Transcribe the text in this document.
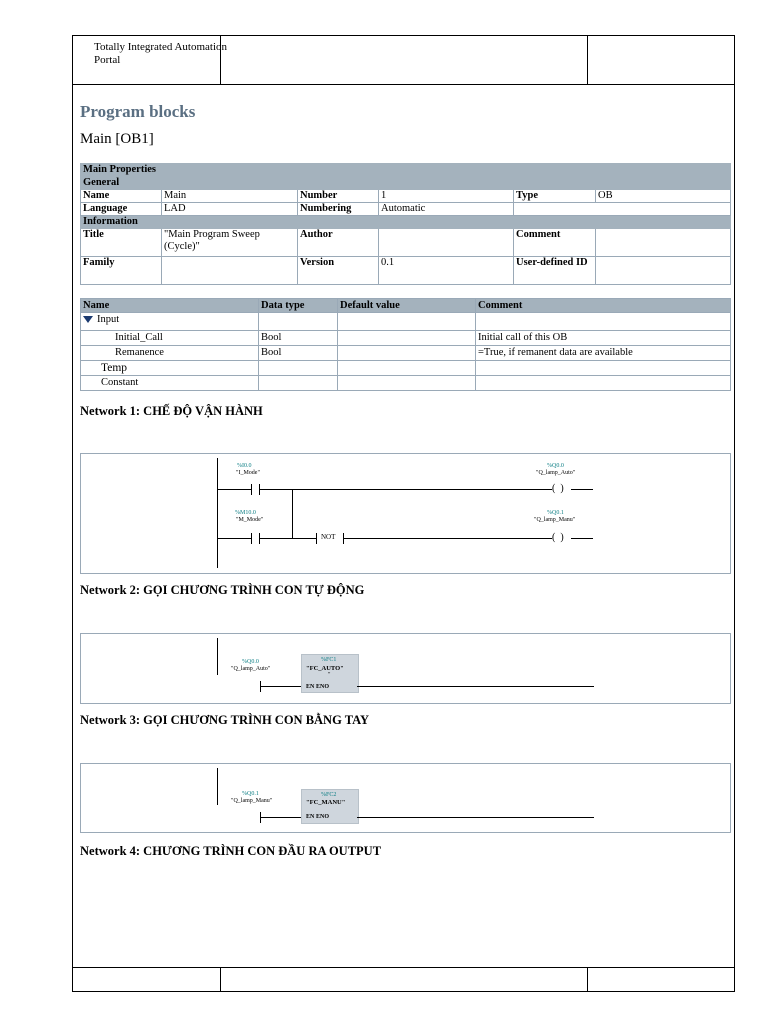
Totally Integrated Automation
Portal
Program blocks
Main [OB1]
Main Properties					
General					
Name	Main	Number	1	Type	OB
Language	LAD	Numbering	Automatic		
Information					
Title	"Main Program Sweep (Cycle)"	Author		Comment	
Family		Version	0.1	User-defined ID	
Name	Data type	Default value	Comment
Input			
Initial_Call	Bool		Initial call of this OB
Remanence	Bool		=True, if remanent data are available
Temp			
Constant			
Network 1: CHẾ ĐỘ VẬN HÀNH
%I0.0
"I_Mode"
%Q0.0
"Q_lamp_Auto"
(  )
%M10.0
"M_Mode"
NOT
%Q0.1
"Q_lamp_Manu"
(  )
Network 2: GỌI CHƯƠNG TRÌNH CON TỰ ĐỘNG
%Q0.0
"Q_lamp_Auto"
%FC1
"FC_AUTO"
"
EN ENO
Network 3: GỌI CHƯƠNG TRÌNH CON BẰNG TAY
%Q0.1
"Q_lamp_Manu"
%FC2
"FC_MANU"
EN ENO
Network 4: CHƯƠNG TRÌNH CON ĐẦU RA OUTPUT
